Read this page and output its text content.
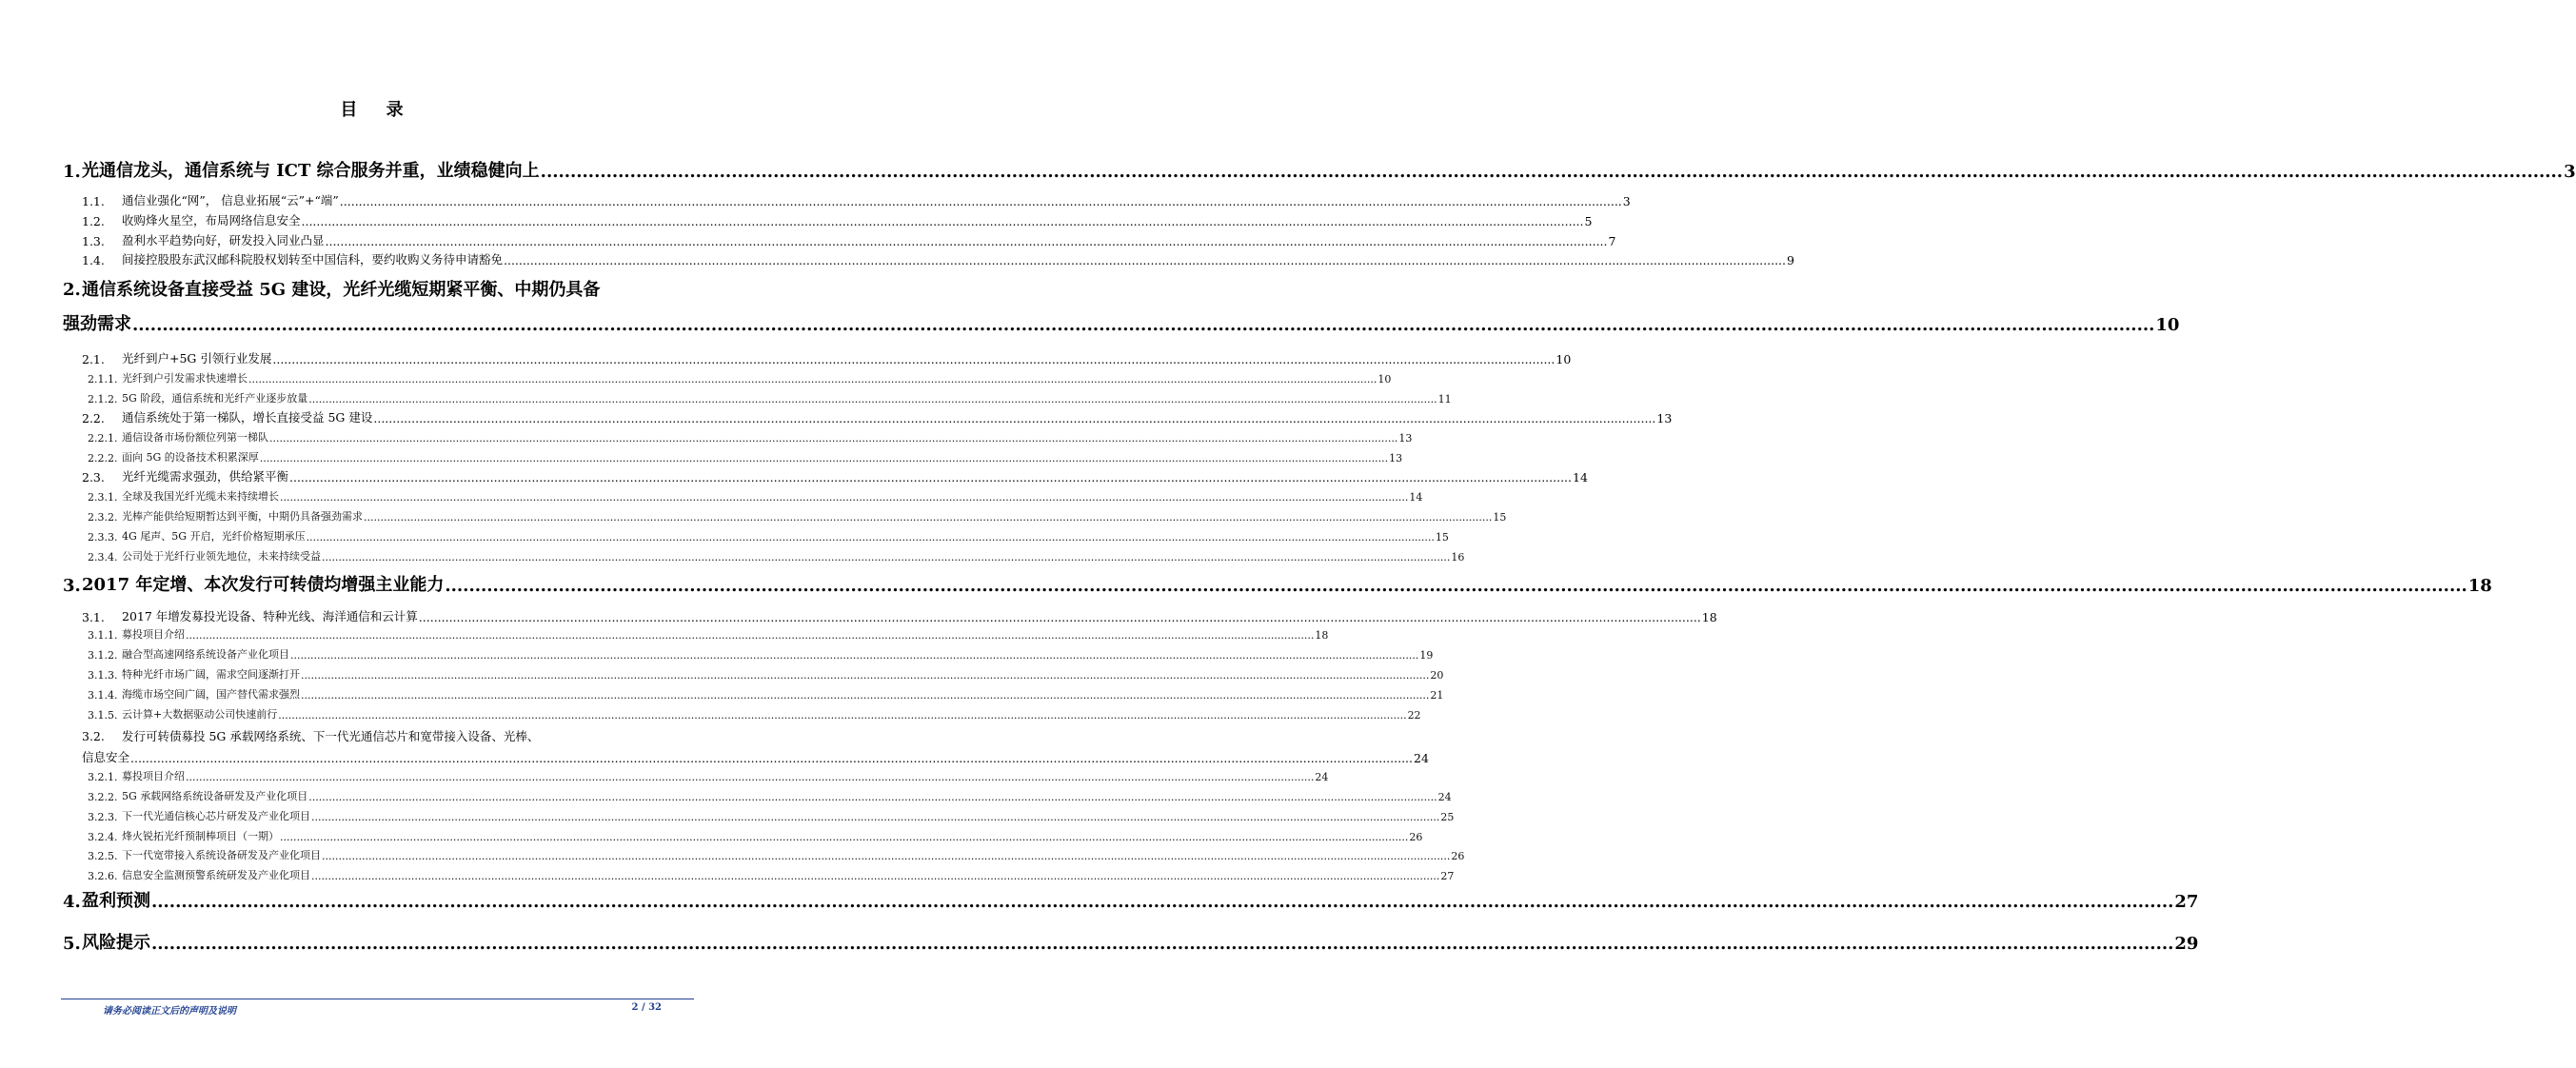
目 录
1. 光通信龙头，通信系统与 ICT 综合服务并重，业绩稳健向上 .....	3
1.1.	通信业强化“网”， 信息业拓展“云”+“端” .....	3
1.2.	收购烽火星空，布局网络信息安全 .....	5
1.3.	盈利水平趋势向好，研发投入同业凸显 .....	7
1.4.	间接控股股东武汉邮科院股权划转至中国信科，要约收购义务待申请豁免 .....	9
2.通信系统设备直接受益 5G 建设，光纤光缆短期紧平衡、中期仍具备
强劲需求 .....	10
2.1.	光纤到户+5G 引领行业发展 .....	10
2.1.1. 光纤到户引发需求快速增长 .....	10
2.1.2. 5G 阶段，通信系统和光纤产业逐步放量 .....	11
2.2.	通信系统处于第一梯队，增长直接受益 5G 建设 .....	13
2.2.1. 通信设备市场份额位列第一梯队 .....	13
2.2.2. 面向 5G 的设备技术积累深厚 .....	13
2.3.	光纤光缆需求强劲，供给紧平衡 .....	14
2.3.1. 全球及我国光纤光缆未来持续增长 .....	14
2.3.2. 光棒产能供给短期暂达到平衡，中期仍具备强劲需求 .....	15
2.3.3. 4G 尾声、5G 开启，光纤价格短期承压 .....	15
2.3.4. 公司处于光纤行业领先地位，未来持续受益 .....	16
3. 2017 年定增、本次发行可转债均增强主业能力 .....	18
3.1.	2017 年增发募投光设备、特种光线、海洋通信和云计算 .....	18
3.1.1. 募投项目介绍 .....	18
3.1.2. 融合型高速网络系统设备产业化项目 .....	19
3.1.3. 特种光纤市场广阔，需求空间逐渐打开 .....	20
3.1.4. 海缆市场空间广阔，国产替代需求强烈 .....	21
3.1.5. 云计算+大数据驱动公司快速前行 .....	22
3.2. 发行可转债募投 5G 承载网络系统、下一代光通信芯片和宽带接入设备、光棒、
信息安全 .....	24
3.2.1. 募投项目介绍 .....	24
3.2.2. 5G 承载网络系统设备研发及产业化项目 .....	24
3.2.3. 下一代光通信核心芯片研发及产业化项目 .....	25
3.2.4. 烽火锐拓光纤预制棒项目（一期） .....	26
3.2.5. 下一代宽带接入系统设备研发及产业化项目 .....	26
3.2.6. 信息安全监测预警系统研发及产业化项目 .....	27
4. 盈利预测 .....	27
5. 风险提示 .....	29
请务必阅读正文后的声明及说明	2 / 32
